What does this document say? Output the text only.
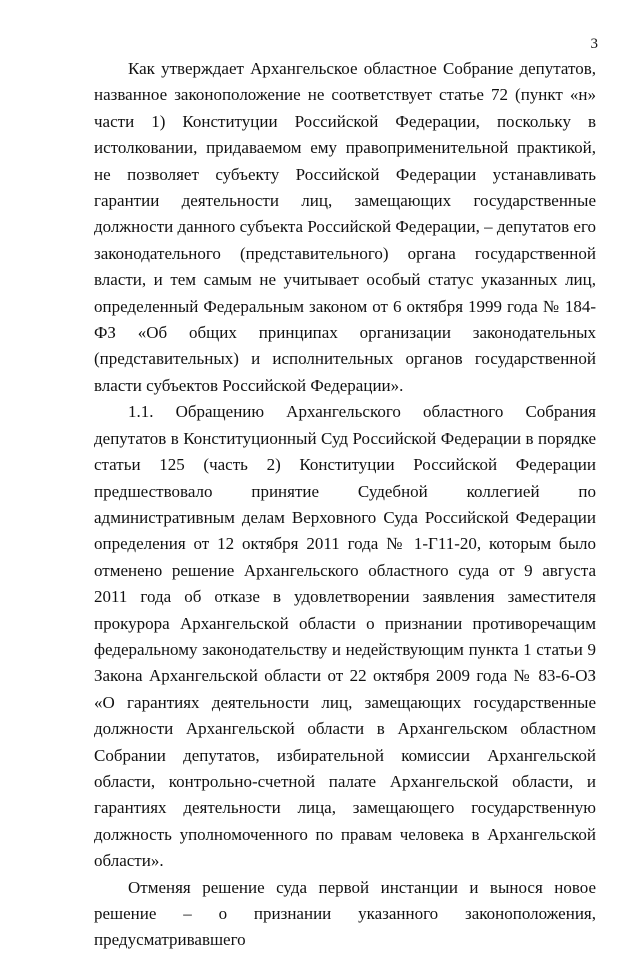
3

Как утверждает Архангельское областное Собрание депутатов, названное законоположение не соответствует статье 72 (пункт «н» части 1) Конституции Российской Федерации, поскольку в истолковании, придаваемом ему правоприменительной практикой, не позволяет субъекту Российской Федерации устанавливать гарантии деятельности лиц, замещающих государственные должности данного субъекта Российской Федерации, – депутатов его законодательного (представительного) органа государственной власти, и тем самым не учитывает особый статус указанных лиц, определенный Федеральным законом от 6 октября 1999 года № 184-ФЗ «Об общих принципах организации законодательных (представительных) и исполнительных органов государственной власти субъектов Российской Федерации».

1.1. Обращению Архангельского областного Собрания депутатов в Конституционный Суд Российской Федерации в порядке статьи 125 (часть 2) Конституции Российской Федерации предшествовало принятие Судебной коллегией по административным делам Верховного Суда Российской Федерации определения от 12 октября 2011 года № 1-Г11-20, которым было отменено решение Архангельского областного суда от 9 августа 2011 года об отказе в удовлетворении заявления заместителя прокурора Архангельской области о признании противоречащим федеральному законодательству и недействующим пункта 1 статьи 9 Закона Архангельской области от 22 октября 2009 года № 83-6-ОЗ «О гарантиях деятельности лиц, замещающих государственные должности Архангельской области в Архангельском областном Собрании депутатов, избирательной комиссии Архангельской области, контрольно-счетной палате Архангельской области, и гарантиях деятельности лица, замещающего государственную должность уполномоченного по правам человека в Архангельской области».

Отменяя решение суда первой инстанции и вынося новое решение – о признании указанного законоположения, предусматривавшего
